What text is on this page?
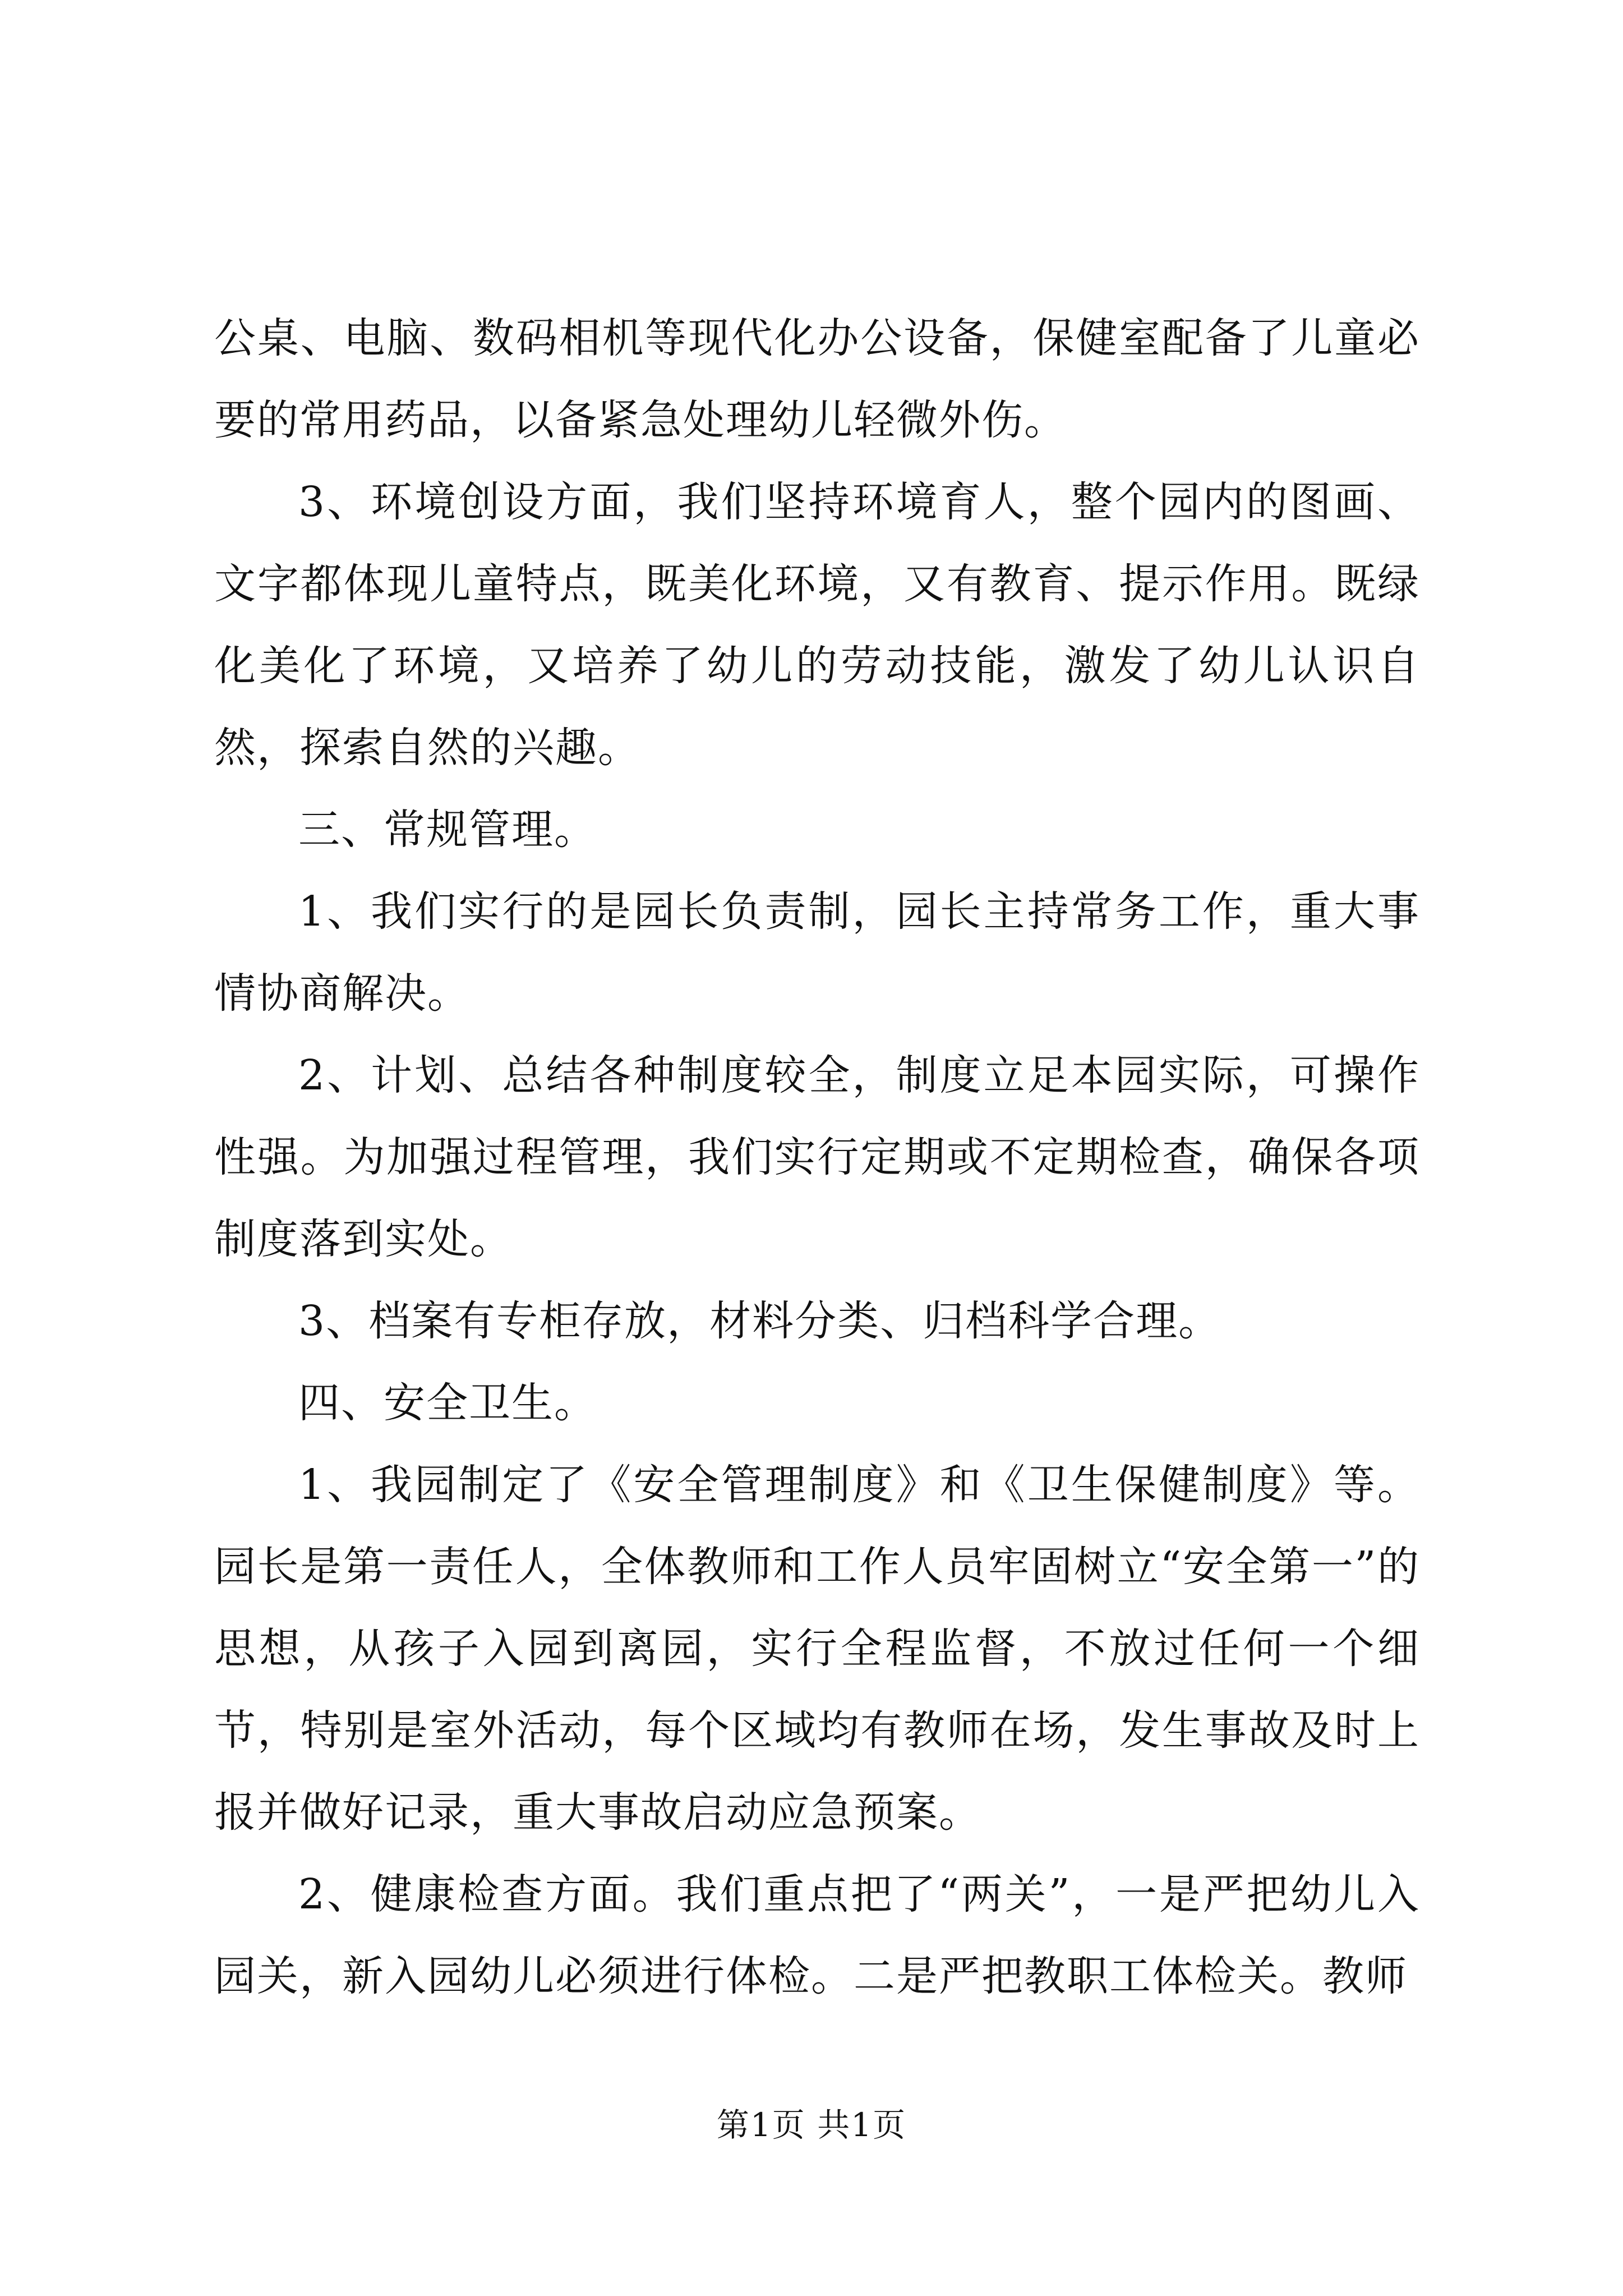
公桌、电脑、数码相机等现代化办公设备，保健室配备了儿童必要的常用药品，以备紧急处理幼儿轻微外伤。

3、环境创设方面，我们坚持环境育人，整个园内的图画、文字都体现儿童特点，既美化环境，又有教育、提示作用。既绿化美化了环境，又培养了幼儿的劳动技能，激发了幼儿认识自然，探索自然的兴趣。

三、常规管理。

1、我们实行的是园长负责制，园长主持常务工作，重大事情协商解决。

2、计划、总结各种制度较全，制度立足本园实际，可操作性强。为加强过程管理，我们实行定期或不定期检查，确保各项制度落到实处。

3、档案有专柜存放，材料分类、归档科学合理。

四、安全卫生。

1、我园制定了《安全管理制度》和《卫生保健制度》等。园长是第一责任人，全体教师和工作人员牢固树立“安全第一”的思想，从孩子入园到离园，实行全程监督，不放过任何一个细节，特别是室外活动，每个区域均有教师在场，发生事故及时上报并做好记录，重大事故启动应急预案。

2、健康检查方面。我们重点把了“两关”，一是严把幼儿入园关，新入园幼儿必须进行体检。二是严把教职工体检关。教师

第1页 共1页
